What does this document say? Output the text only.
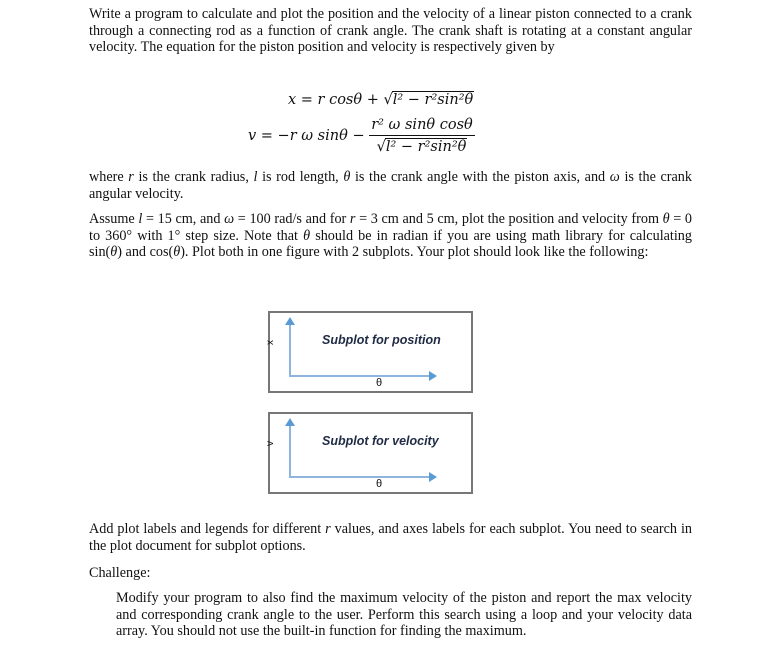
Write a program to calculate and plot the position and the velocity of a linear piston connected to a crank through a connecting rod as a function of crank angle. The crank shaft is rotating at a constant angular velocity. The equation for the piston position and velocity is respectively given by
x = r cosθ + √l² − r²sin²θ
v = −r ω $\sin\theta - \frac{\text{r² ω sinθ cosθ}}{\text{√l² − r²sin²θ}}$
where r is the crank radius, l is rod length, θ is the crank angle with the piston axis, and ω is the crank angular velocity.
Assume l = 15 cm, and ω = 100 rad/s and for r = 3 cm and 5 cm, plot the position and velocity from θ = 0 to 360° with 1° step size. Note that θ should be in radian if you are using math library for calculating sin(θ) and cos(θ). Plot both in one figure with 2 subplots. Your plot should look like the following:
x	Subplot for position
θ
v	Subplot for velocity
θ
Add plot labels and legends for different r values, and axes labels for each subplot. You need to search in the plot document for subplot options.
Challenge:
Modify your program to also find the maximum velocity of the piston and report the max velocity and corresponding crank angle to the user. Perform this search using a loop and your velocity data array. You should not use the built-in function for finding the maximum.
